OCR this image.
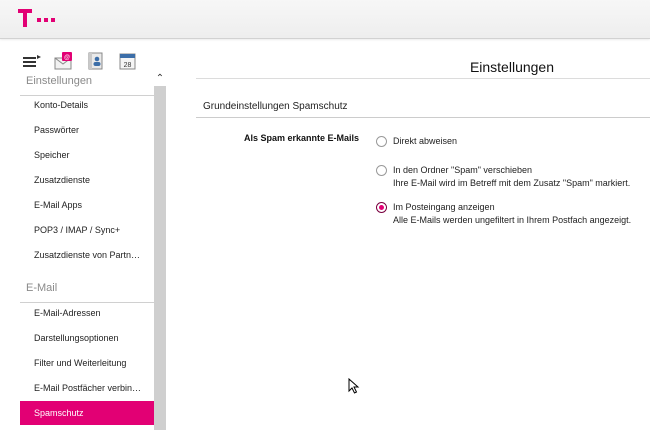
@
28
Einstellungen
Konto-Details
Passwörter
Speicher
Zusatzdienste
E-Mail Apps
POP3 / IMAP / Sync+
Zusatzdienste von Partn…
E-Mail
E-Mail-Adressen
Darstellungsoptionen
Filter und Weiterleitung
E-Mail Postfächer verbin…
Spamschutz
⌃
Einstellungen
Grundeinstellungen Spamschutz
Als Spam erkannte E-Mails	Direkt abweisen
In den Ordner "Spam" verschieben
Ihre E-Mail wird im Betreff mit dem Zusatz "Spam" markiert.
Im Posteingang anzeigen
Alle E-Mails werden ungefiltert in Ihrem Postfach angezeigt.
